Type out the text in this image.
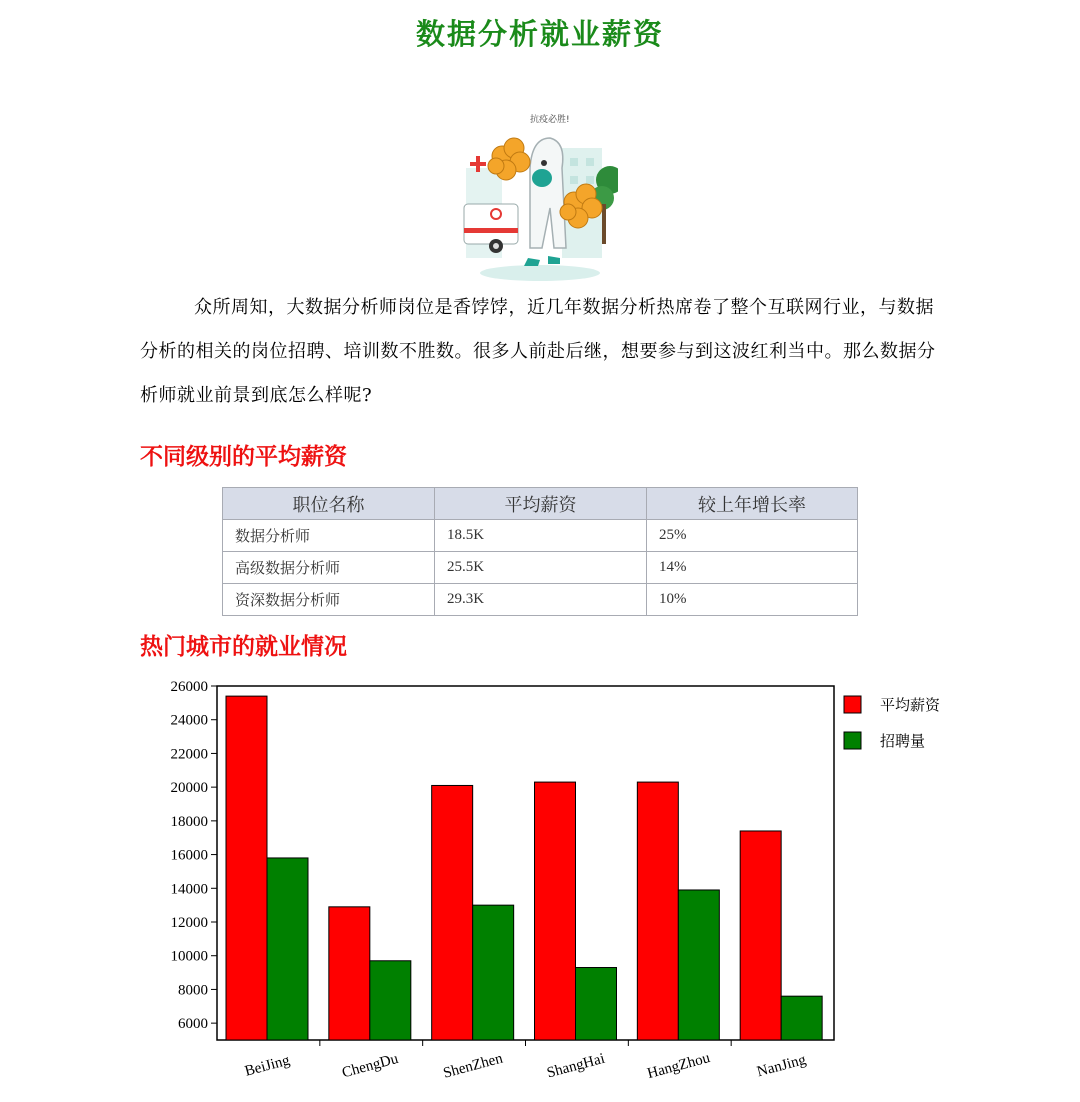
数据分析就业薪资
抗疫必胜!
众所周知，大数据分析师岗位是香饽饽，近几年数据分析热席卷了整个互联网行业，与数据分析的相关的岗位招聘、培训数不胜数。很多人前赴后继，想要参与到这波红利当中。那么数据分析师就业前景到底怎么样呢?
不同级别的平均薪资
职位名称	平均薪资	较上年增长率
数据分析师	18.5K	25%
高级数据分析师	25.5K	14%
资深数据分析师	29.3K	10%
热门城市的就业情况
6000
8000
10000
12000
14000
16000
18000
20000
22000
24000
26000
BeiJing	ChengDu	ShenZhen	ShangHai	HangZhou	NanJing
平均薪资
招聘量
